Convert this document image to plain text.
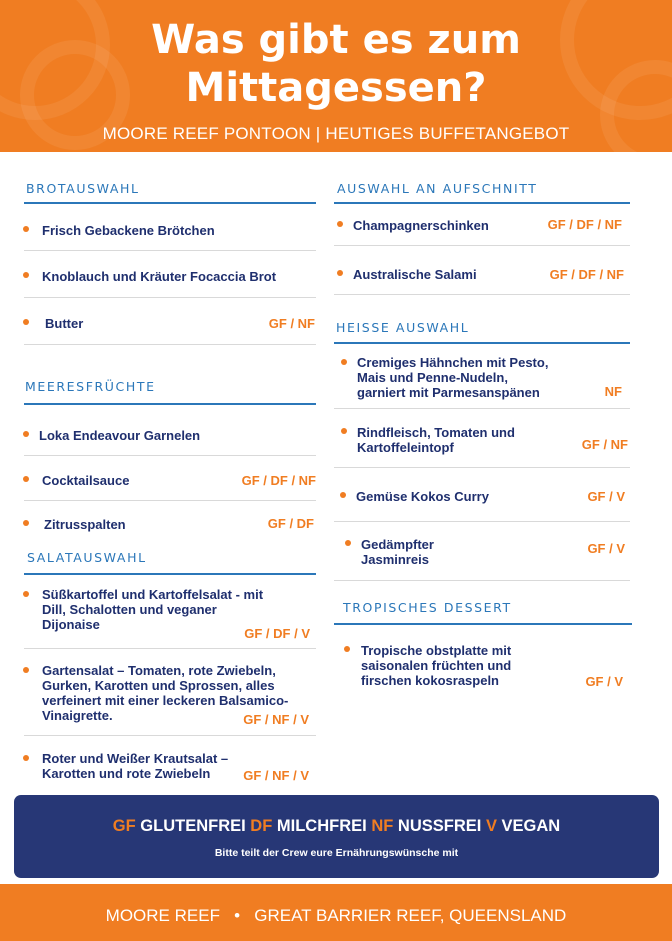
Was gibt es zum
Mittagessen?
MOORE REEF PONTOON | HEUTIGES BUFFETANGEBOT
BROTAUSWAHL
Frisch Gebackene Brötchen
Knoblauch und Kräuter Focaccia Brot
Butter	GF / NF
MEERESFRÜCHTE
Loka Endeavour Garnelen
Cocktailsauce	GF / DF / NF
Zitrusspalten	GF / DF
SALATAUSWAHL
Süßkartoffel und Kartoffelsalat - mit
Dill, Schalotten und veganer
Dijonaise
GF / DF / V
Gartensalat – Tomaten, rote Zwiebeln,
Gurken, Karotten und Sprossen, alles
verfeinert mit einer leckeren Balsamico-
Vinaigrette.	GF / NF / V
Roter und Weißer Krautsalat –
Karotten und rote Zwiebeln	GF / NF / V
AUSWAHL AN AUFSCHNITT
Champagnerschinken	GF / DF / NF
Australische Salami	GF / DF / NF
HEISSE AUSWAHL
Cremiges Hähnchen mit Pesto,
Mais und Penne-Nudeln,
garniert mit Parmesanspänen	NF
Rindfleisch, Tomaten und
Kartoffeleintopf	GF / NF
Gemüse Kokos Curry	GF / V
Gedämpfter
Jasminreis
GF / V
TROPISCHES DESSERT
Tropische obstplatte mit
saisonalen früchten und
firschen kokosraspeln	GF / V
GF GLUTENFREI DF MILCHFREI NF NUSSFREI V VEGAN
Bitte teilt der Crew eure Ernährungswünsche mit
MOORE REEF • GREAT BARRIER REEF, QUEENSLAND
